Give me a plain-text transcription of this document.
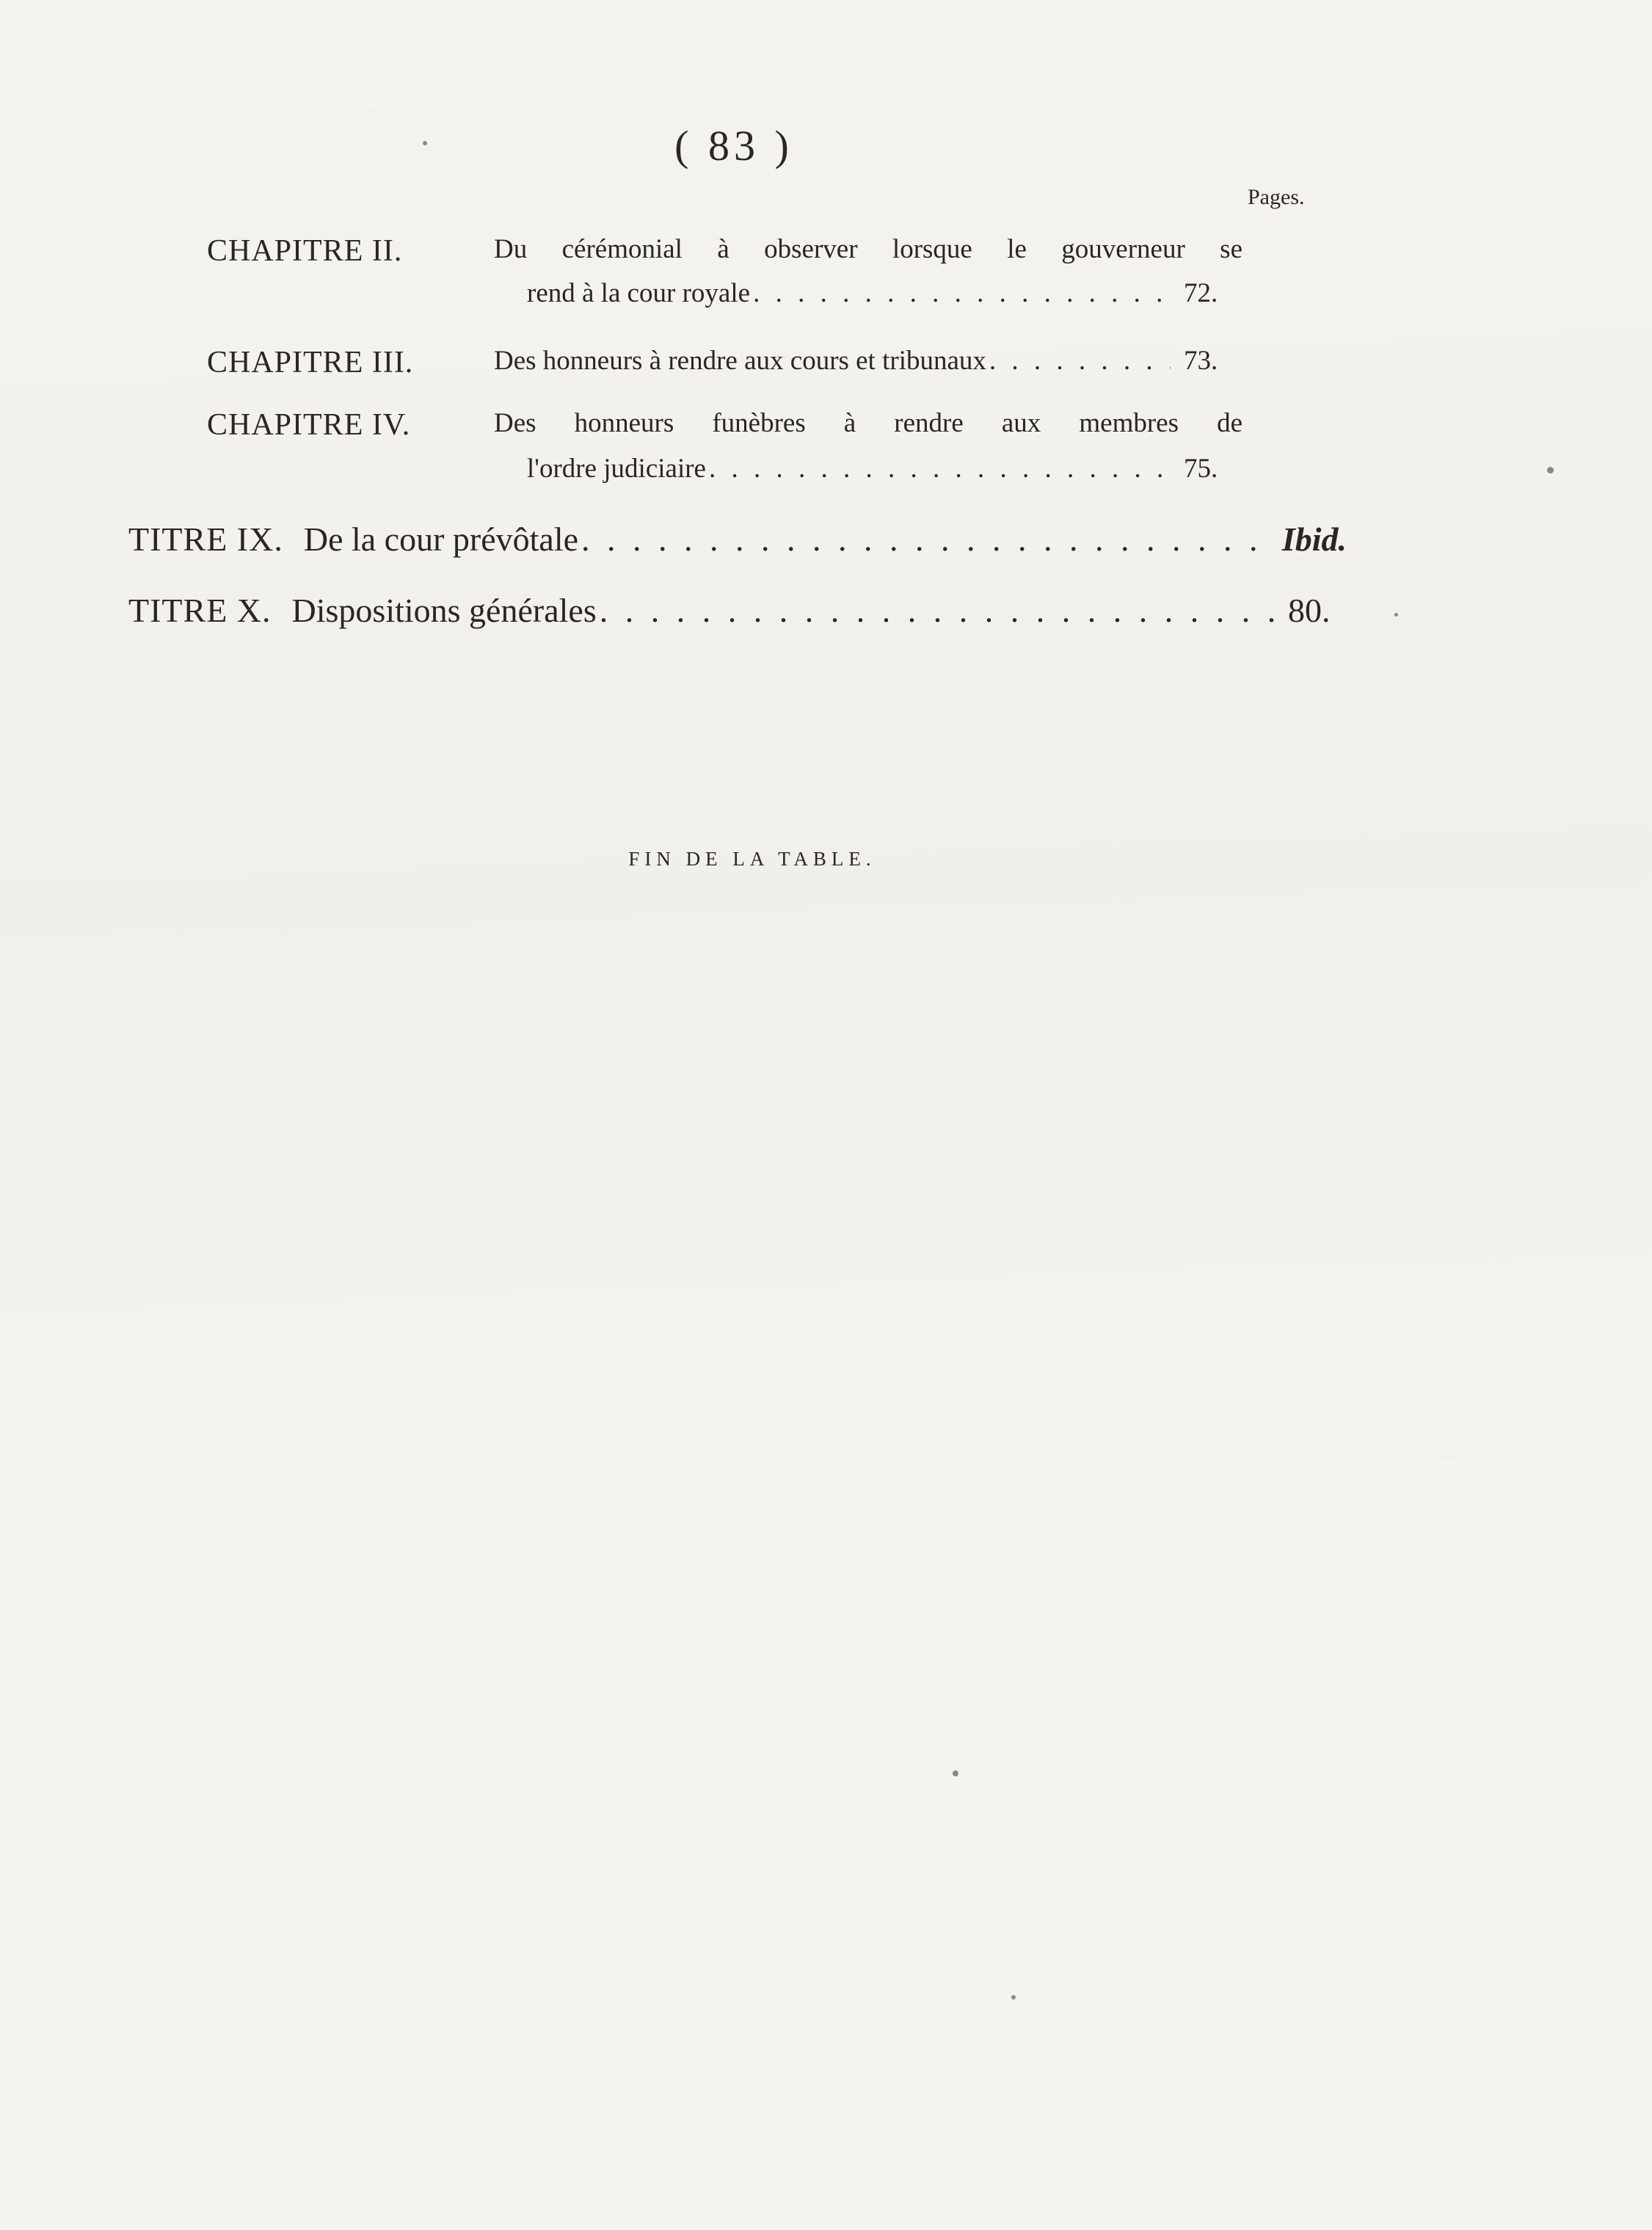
( 83 )
Pages.
CHAPITRE II.	Du cérémonial à observer lorsque le gouverneur se
rend à la cour royale . . .	72.
CHAPITRE III.	Des honneurs à rendre aux cours et tribunaux . . .	73.
CHAPITRE IV.	Des honneurs funèbres à rendre aux membres de
l'ordre judiciaire . . .	75.
TITRE IX. De la cour prévôtale . . .	Ibid.
TITRE X. Dispositions générales . . .	80.
FIN DE LA TABLE.
